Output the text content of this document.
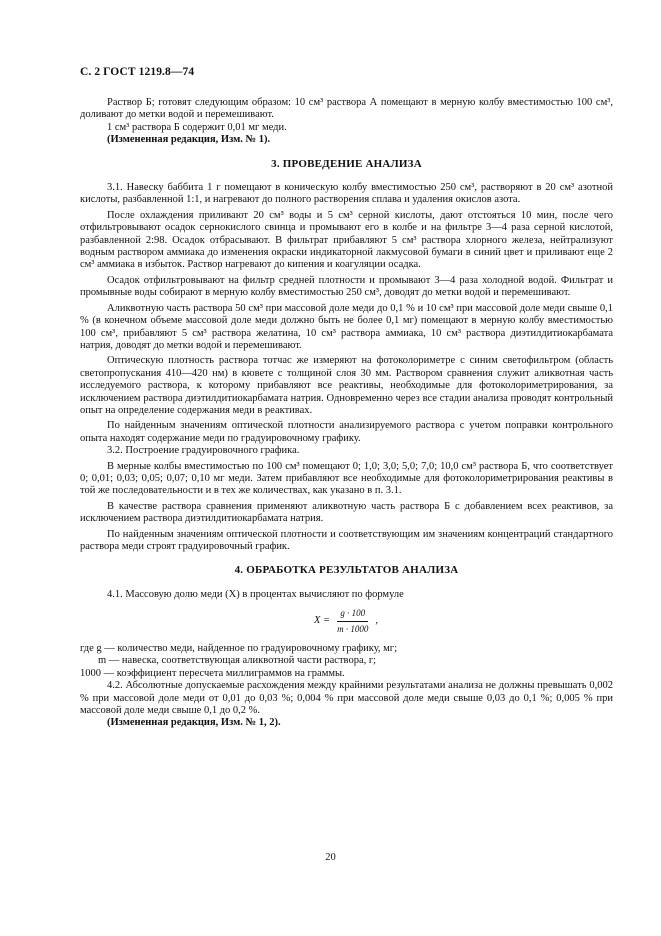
С. 2 ГОСТ 1219.8—74

Раствор Б; готовят следующим образом: 10 см³ раствора А помещают в мерную колбу вместимостью 100 см³, доливают до метки водой и перемешивают.

1 см³ раствора Б содержит 0,01 мг меди.

(Измененная редакция, Изм. № 1).

3. ПРОВЕДЕНИЕ АНАЛИЗА

3.1. Навеску баббита 1 г помещают в коническую колбу вместимостью 250 см³, растворяют в 20 см³ азотной кислоты, разбавленной 1:1, и нагревают до полного растворения сплава и удаления окислов азота.

После охлаждения приливают 20 см³ воды и 5 см³ серной кислоты, дают отстояться 10 мин, после чего отфильтровывают осадок сернокислого свинца и промывают его в колбе и на фильтре 3—4 раза серной кислотой, разбавленной 2:98. Осадок отбрасывают. В фильтрат прибавляют 5 см³ раствора хлорного железа, нейтрализуют водным раствором аммиака до изменения окраски индикаторной лакмусовой бумаги в синий цвет и приливают еще 2 см³ аммиака в избыток. Раствор нагревают до кипения и коагуляции осадка.

Осадок отфильтровывают на фильтр средней плотности и промывают 3—4 раза холодной водой. Фильтрат и промывные воды собирают в мерную колбу вместимостью 250 см³, доводят до метки водой и перемешивают.

Аликвотную часть раствора 50 см³ при массовой доле меди до 0,1 % и 10 см³ при массовой доле меди свыше 0,1 % (в конечном объеме массовой доле меди должно быть не более 0,1 мг) помещают в мерную колбу вместимостью 100 см³, прибавляют 5 см³ раствора желатина, 10 см³ раствора аммиака, 10 см³ раствора диэтилдитиокарбамата натрия, доводят до метки водой и перемешивают.

Оптическую плотность раствора тотчас же измеряют на фотоколориметре с синим светофильтром (область светопропускания 410—420 нм) в кювете с толщиной слоя 30 мм. Раствором сравнения служит аликвотная часть исследуемого раствора, к которому прибавляют все реактивы, необходимые для фотоколориметрирования, за исключением раствора диэтилдитиокарбамата натрия. Одновременно через все стадии анализа проводят контрольный опыт на определение содержания меди в реактивах.

По найденным значениям оптической плотности анализируемого раствора с учетом поправки контрольного опыта находят содержание меди по градуировочному графику.

3.2. Построение градуировочного графика.

В мерные колбы вместимостью по 100 см³ помещают 0; 1,0; 3,0; 5,0; 7,0; 10,0 см³ раствора Б, что соответствует 0; 0,01; 0,03; 0,05; 0,07; 0,10 мг меди. Затем прибавляют все необходимые для фотоколориметрирования реактивы в той же последовательности и в тех же количествах, как указано в п. 3.1.

В качестве раствора сравнения применяют аликвотную часть раствора Б с добавлением всех реактивов, за исключением раствора диэтилдитиокарбамата натрия.

По найденным значениям оптической плотности и соответствующим им значениям концентраций стандартного раствора меди строят градуировочный график.

4. ОБРАБОТКА РЕЗУЛЬТАТОВ АНАЛИЗА

4.1. Массовую долю меди (X) в процентах вычисляют по формуле

$X = \frac{g \cdot 100}{m \cdot 1000}$ ,

где g — количество меди, найденное по градуировочному графику, мг;

m — навеска, соответствующая аликвотной части раствора, г;

1000 — коэффициент пересчета миллиграммов на граммы.

4.2. Абсолютные допускаемые расхождения между крайними результатами анализа не должны превышать 0,002 % при массовой доле меди от 0,01 до 0,03 %; 0,004 % при массовой доле меди свыше 0,03 до 0,1 %; 0,005 % при массовой доле меди свыше 0,1 до 0,2 %.

(Измененная редакция, Изм. № 1, 2).

20
